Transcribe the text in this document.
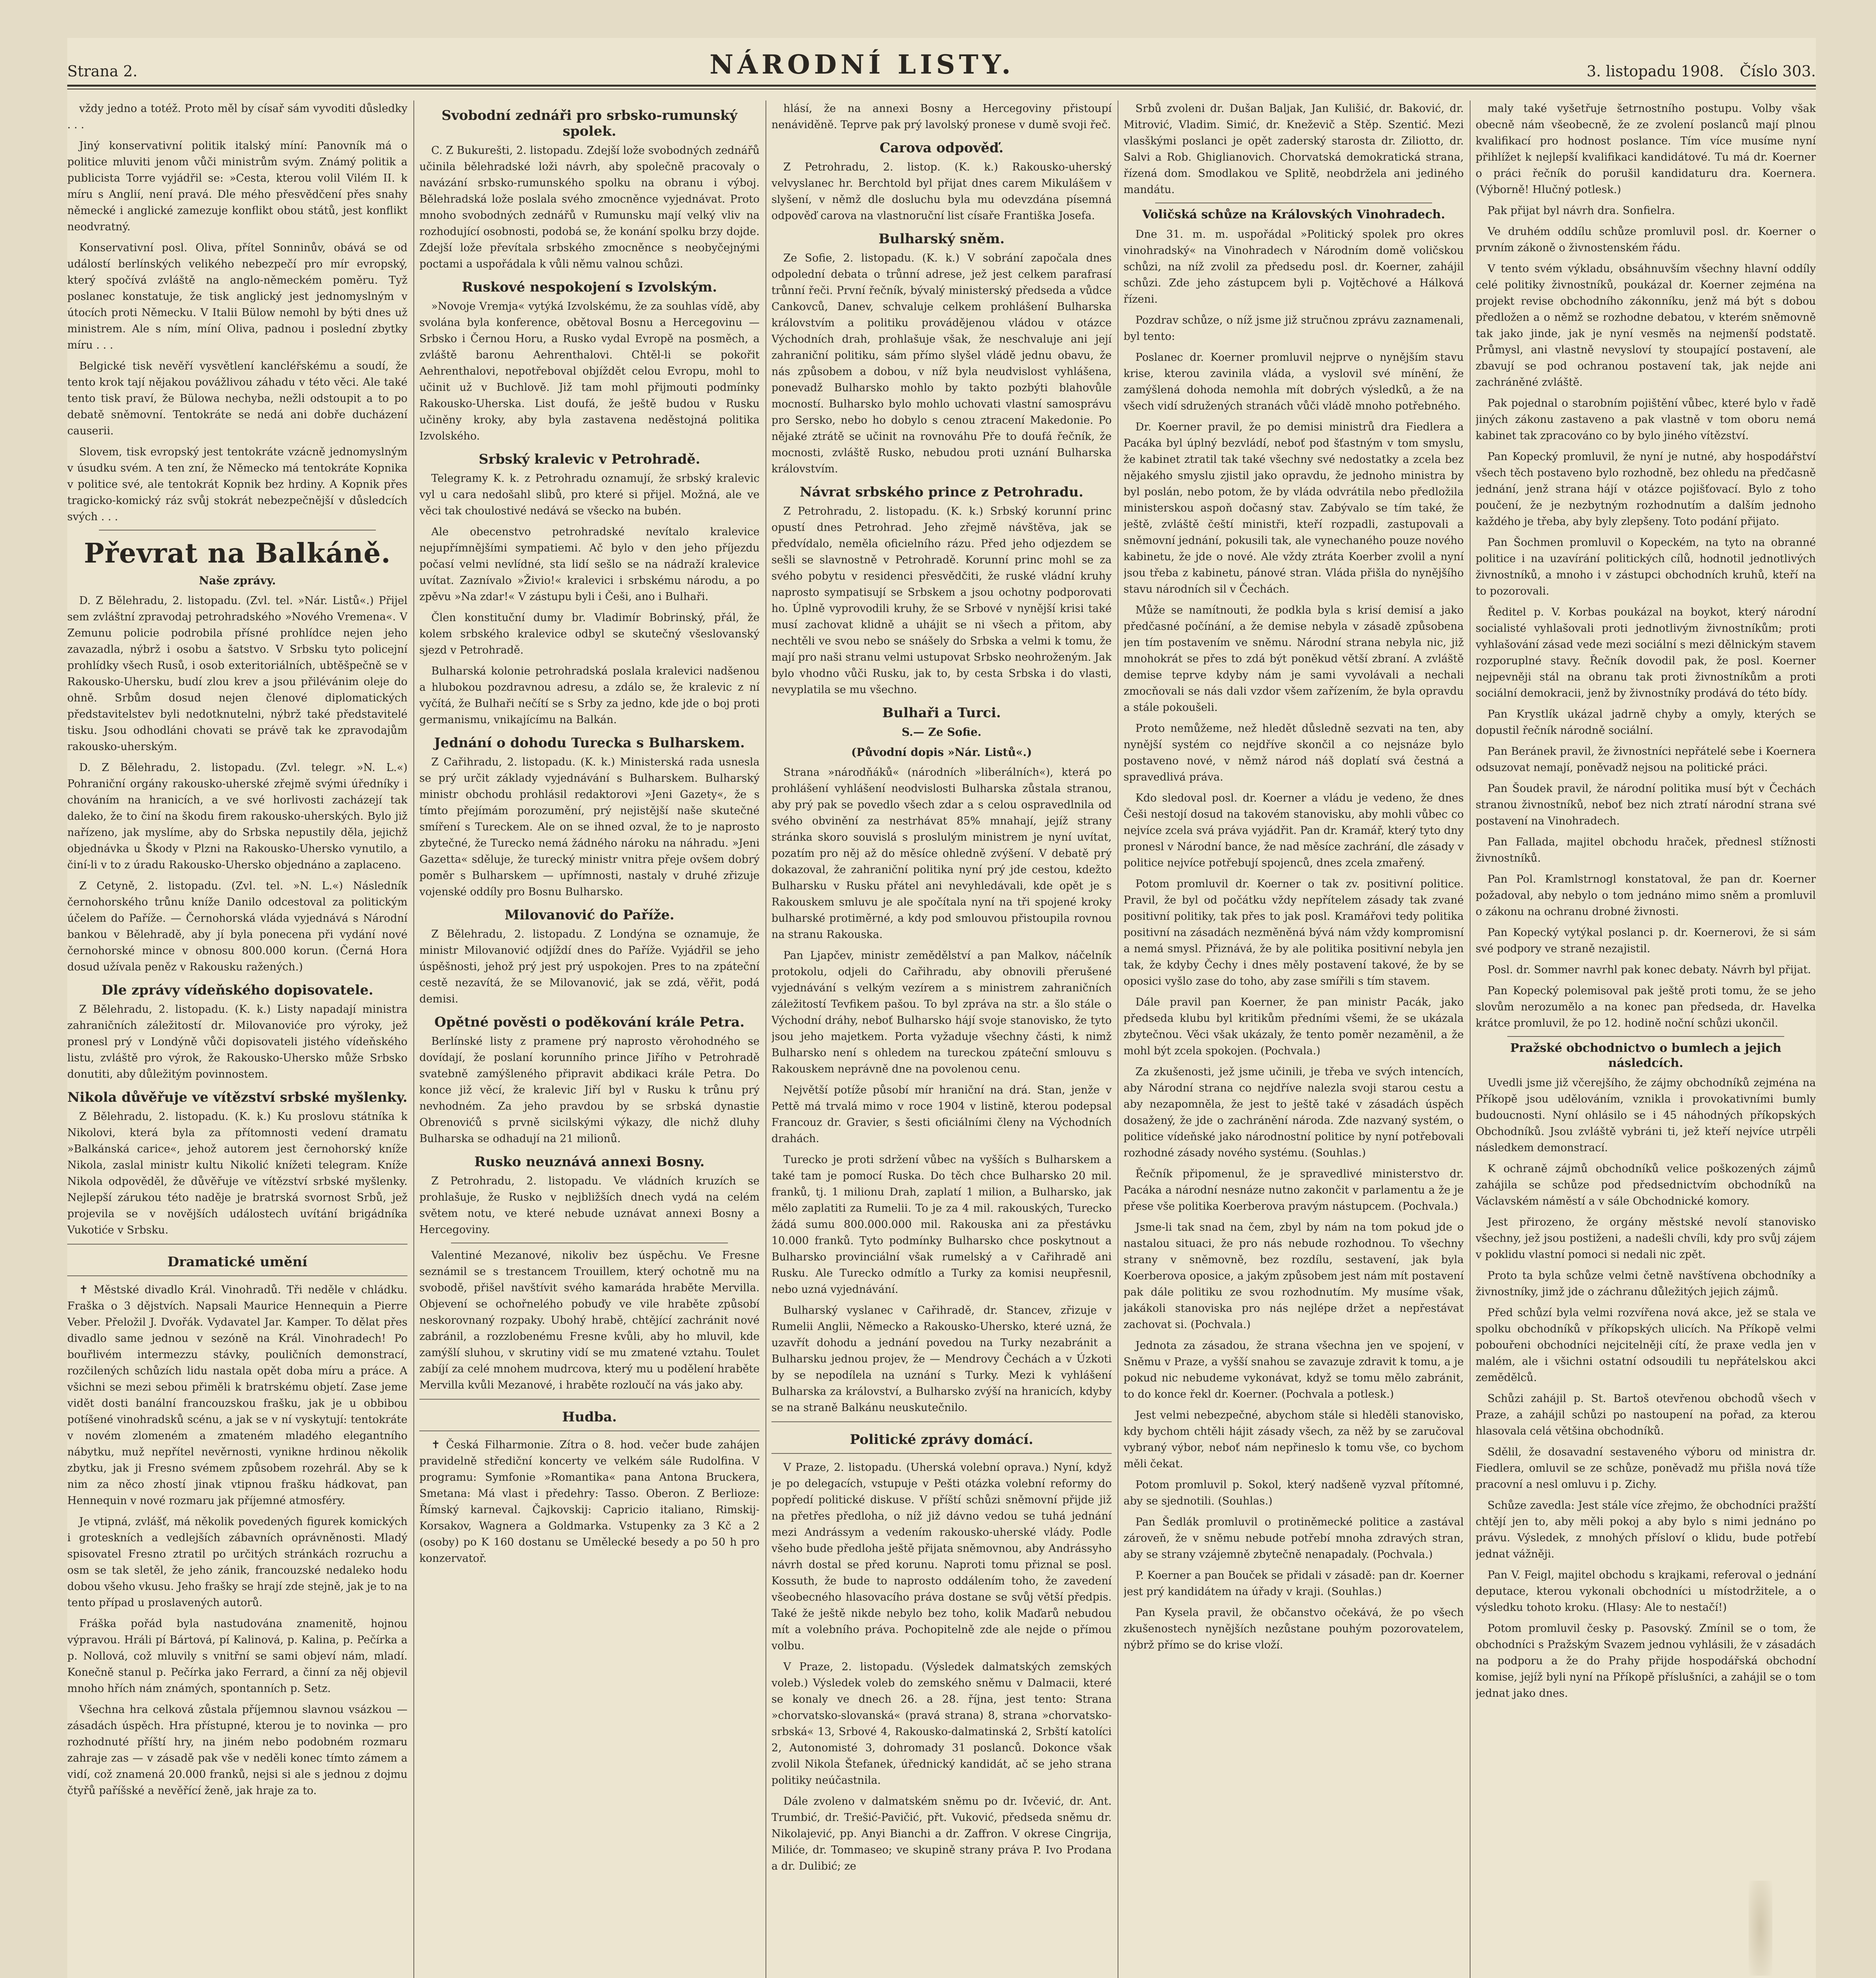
Strana 2.	NÁRODNÍ LISTY.	3. listopadu 1908. Číslo 303.

vždy jedno a totéž. Proto měl by císař sám vyvoditi důsledky . . .

Jiný konservativní politik italský míní: Panovník má o politice mluviti jenom vůči ministrům svým. Známý politik a publicista Torre vyjádřil se: »Cesta, kterou volil Vilém II. k míru s Anglií, není pravá. Dle mého přesvědčení přes snahy německé i anglické zamezuje konflikt obou států, jest konflikt neodvratný.

Konservativní posl. Oliva, přítel Sonninův, obává se od událostí berlínských velikého nebezpečí pro mír evropský, který spočívá zvláště na anglo-německém poměru. Tyž poslanec konstatuje, že tisk anglický jest jednomyslným v útocích proti Německu. V Italii Bülow nemohl by býti dnes už ministrem. Ale s ním, míní Oliva, padnou i poslední zbytky míru . . .

Belgické tisk nevěří vysvětlení kancléřskému a soudí, že tento krok tají nějakou povážlivou záhadu v této věci. Ale také tento tisk praví, že Bülowa nechyba, nežli odstoupit a to po debatě sněmovní. Tentokráte se nedá ani dobře ducházení causerii.

Slovem, tisk evropský jest tentokráte vzácně jednomyslným v úsudku svém. A ten zní, že Německo má tentokráte Kopnika v politice své, ale tentokrát Kopnik bez hrdiny. A Kopnik přes tragicko-komický ráz svůj stokrát nebezpečnější v důsledcích svých . . .

Převrat na Balkáně.
Naše zprávy.

D. Z Bělehradu, 2. listopadu. (Zvl. tel. »Nár. Listů«.) Přijel sem zvláštní zpravodaj petrohradského »Nového Vremena«. V Zemunu policie podrobila přísné prohlídce nejen jeho zavazadla, nýbrž i osobu a šatstvo. V Srbsku tyto policejní prohlídky všech Rusů, i osob exteritoriálních, ubtěšpečně se v Rakousko-Uhersku, budí zlou krev a jsou přilévánim oleje do ohně. Srbům dosud nejen členové diplomatických představitelstev byli nedotknutelni, nýbrž také představitelé tisku. Jsou odhodláni chovati se právě tak ke zpravodajům rakousko-uherským.

D. Z Bělehradu, 2. listopadu. (Zvl. telegr. »N. L.«) Pohraniční orgány rakousko-uherské zřejmě svými úředníky i chováním na hranicích, a ve své horlivosti zacházejí tak daleko, že to činí na škodu firem rakousko-uherských. Bylo již nařízeno, jak myslíme, aby do Srbska nepustily děla, jejichž objednávka u Škody v Plzni na Rakousko-Uhersko vynutilo, a činí-li v to z úradu Rakousko-Uhersko objednáno a zaplaceno.

Z Cetyně, 2. listopadu. (Zvl. tel. »N. L.«) Následník černohorského trůnu kníže Danilo odcestoval za politickým účelem do Paříže. — Černohorská vláda vyjednává s Národní bankou v Bělehradě, aby jí byla ponecena při vydání nové černohorské mince v obnosu 800.000 korun. (Černá Hora dosud užívala peněz v Rakousku ražených.)

Dle zprávy vídeňského dopisovatele.

Z Bělehradu, 2. listopadu. (K. k.) Listy napadají ministra zahraničních záležitostí dr. Milovanoviće pro výroky, jež pronesl prý v Londýně vůči dopisovateli jistého vídeňského listu, zvláště pro výrok, že Rakousko-Uhersko může Srbsko donutiti, aby důležitým povinnostem.

Nikola důvěřuje ve vítězství srbské myšlenky.

Z Bělehradu, 2. listopadu. (K. k.) Ku proslovu státníka k Nikolovi, která byla za přítomnosti vedení dramatu »Balkánská carice«, jehož autorem jest černohorský kníže Nikola, zaslal ministr kultu Nikolić knížeti telegram. Kníže Nikola odpověděl, že důvěřuje ve vítězství srbské myšlenky. Nejlepší zárukou této naděje je bratrská svornost Srbů, jež projevila se v novějších událostech uvítání brigádníka Vukotiće v Srbsku.

Dramatické umění

✝ Městské divadlo Král. Vinohradů. Tři neděle v chládku. Fraška o 3 dějstvích. Napsali Maurice Hennequin a Pierre Veber. Přeložil J. Dvořák. Vydavatel Jar. Kamper. To dělat přes divadlo same jednou v sezóně na Král. Vinohradech! Po bouřlivém intermezzu stávky, pouličních demonstrací, rozčilených schůzích lidu nastala opět doba míru a práce. A všichni se mezi sebou přiměli k bratrskému objetí. Zase jeme vidět dosti banální francouzskou frašku, jak je u obbibou potíšené vinohradsků scénu, a jak se v ní vyskytují: tentokráte v novém zlomeném a zmateném mladého elegantního nábytku, muž nepřítel nevěrnosti, vynikne hrdinou několik zbytku, jak ji Fresno svémem způsobem rozehrál. Aby se k nim za něco zhostí jinak vtipnou frašku hádkovat, pan Hennequin v nové rozmaru jak příjemné atmosféry.

Je vtipná, zvlášť, má několik povedených figurek komických i groteskních a vedlejších zábavních oprávněnosti. Mladý spisovatel Fresno ztratil po určitých stránkách rozruchu a osm se tak sletěl, že jeho zánik, francouzské nedaleko hodu dobou všeho vkusu. Jeho frašky se hrají zde stejně, jak je to na tento případ u proslavených autorů.

Fráška pořád byla nastudována znamenitě, hojnou výpravou. Hráli pí Bártová, pí Kalinová, p. Kalina, p. Pečírka a p. Nollová, což mluvily s vnitřní se sami objeví nám, mladí. Konečně stanul p. Pečírka jako Ferrard, a činní za něj objevil mnoho hřích nám známých, spontanních p. Setz.

Všechna hra celková zůstala příjemnou slavnou vsázkou — zásadách úspěch. Hra přístupné, kterou je to novinka — pro rozhodnuté příští hry, na jiném nebo podobném rozmaru zahraje zas — v zásadě pak vše v neděli konec tímto zámem a vidí, což znamená 20.000 franků, nejsi si ale s jednou z dojmu čtyřů paříšské a nevěřící ženě, jak hraje za to.

Svobodní zednáři pro srbsko-rumunský spolek.

C. Z Bukurešti, 2. listopadu. Zdejší lože svobodných zednářů učinila bělehradské loži návrh, aby společně pracovaly o navázání srbsko-rumunského spolku na obranu i výboj. Bělehradská lože poslala svého zmocněnce vyjednávat. Proto mnoho svobodných zednářů v Rumunsku mají velký vliv na rozhodující osobnosti, podobá se, že konání spolku brzy dojde. Zdejší lože převítala srbského zmocněnce s neobyčejnými poctami a uspořádala k vůli němu valnou schůzi.

Ruskové nespokojení s Izvolským.

»Novoje Vremja« vytýká Izvolskému, že za souhlas vídě, aby svolána byla konference, obětoval Bosnu a Hercegovinu — Srbsko i Černou Horu, a Rusko vydal Evropě na posměch, a zvláště baronu Aehrenthalovi. Chtěl-li se pokořit Aehrenthalovi, nepotřeboval objíždět celou Evropu, mohl to učinit už v Buchlově. Již tam mohl přijmouti podmínky Rakousko-Uherska. List doufá, že ještě budou v Rusku učiněny kroky, aby byla zastavena neděstojná politika Izvolského.

Srbský kralevic v Petrohradě.

Telegramy K. k. z Petrohradu oznamují, že srbský kralevic vyl u cara nedošahl slibů, pro které si přijel. Možná, ale ve věci tak choulostivé nedává se všecko na bubén.

Ale obecenstvo petrohradské nevítalo kralevice nejupřímnějšími sympatiemi. Ač bylo v den jeho příjezdu počasí velmi nevlídné, sta lidí sešlo se na nádraží kralevice uvítat. Zaznívalo »Živio!« kralevici i srbskému národu, a po zpěvu »Na zdar!« V zástupu byli i Češi, ano i Bulhaři.

Člen konstituční dumy br. Vladimír Bobrinský, přál, že kolem srbského kralevice odbyl se skutečný všeslovanský sjezd v Petrohradě.

Bulharská kolonie petrohradská poslala kralevici nadšenou a hlubokou pozdravnou adresu, a zdálo se, že kralevic z ní vyčítá, že Bulhaři nečítí se s Srby za jedno, kde jde o boj proti germanismu, vnikajícímu na Balkán.

Jednání o dohodu Turecka s Bulharskem.

Z Cařihradu, 2. listopadu. (K. k.) Ministerská rada usnesla se prý určit základy vyjednávání s Bulharskem. Bulharský ministr obchodu prohlásil redaktorovi »Jeni Gazety«, že s tímto přejímám porozumění, prý nejistější naše skutečné smíření s Tureckem. Ale on se ihned ozval, že to je naprosto zbytečné, že Turecko nemá žádného nároku na náhradu. »Jeni Gazetta« sděluje, že turecký ministr vnitra přeje ovšem dobrý poměr s Bulharskem — upřímnosti, nastaly v druhé zřizuje vojenské oddíly pro Bosnu Bulharsko.

Milovanović do Paříže.

Z Bělehradu, 2. listopadu. Z Londýna se oznamuje, že ministr Milovanović odjíždí dnes do Paříže. Vyjádřil se jeho úspěšnosti, jehož prý jest prý uspokojen. Pres to na zpáteční cestě nezavítá, že se Milovanović, jak se zdá, věřit, podá demisi.

Opětné pověsti o poděkování krále Petra.

Berlínské listy z pramene prý naprosto věrohodného se dovídají, že poslaní korunního prince Jiřího v Petrohradě svatebně zamýšleného připravit abdikaci krále Petra. Do konce již věcí, že kralevic Jiří byl v Rusku k trůnu prý nevhodném. Za jeho pravdou by se srbská dynastie Obrenovićů s prvně sicilskými výkazy, dle nichž dluhy Bulharska se odhadují na 21 milionů.

Rusko neuznává annexi Bosny.

Z Petrohradu, 2. listopadu. Ve vládních kruzích se prohlašuje, že Rusko v nejbližších dnech vydá na celém světem notu, ve které nebude uznávat annexi Bosny a Hercegoviny.

Valentiné Mezanové, nikoliv bez úspěchu. Ve Fresne seznámil se s trestancem Trouillem, který ochotně mu na svobodě, přišel navštívit svého kamaráda hraběte Mervilla. Objevení se ochořnelého pobuďy ve vile hraběte způsobí neskorovnaný rozpaky. Ubohý hrabě, chtějící zachránit nové zabránil, a rozzlobenému Fresne kvůli, aby ho mluvil, kde zamýšlí sluhou, v skrutiny vidí se mu zmatené vztahu. Toulet zabíjí za celé mnohem mudrcova, který mu u podělení hraběte Mervilla kvůli Mezanové, i hraběte rozloučí na vás jako aby.

Hudba.

✝ Česká Filharmonie. Zítra o 8. hod. večer bude zahájen pravidelně střediční koncerty ve velkém sále Rudolfina. V programu: Symfonie »Romantika« pana Antona Bruckera, Smetana: Má vlast i předehry: Tasso. Oberon. Z Berlioze: Římský karneval. Čajkovskij: Capricio italiano, Rimskij-Korsakov, Wagnera a Goldmarka. Vstupenky za 3 Kč a 2 (osoby) po K 160 dostanu se Umělecké besedy a po 50 h pro konzervatoř.

hlásí, že na annexi Bosny a Hercegoviny přistoupí nenáviděně. Teprve pak prý lavolský pronese v dumě svoji řeč.

Carova odpověď.

Z Petrohradu, 2. listop. (K. k.) Rakousko-uherský velvyslanec hr. Berchtold byl přijat dnes carem Mikulášem v slyšení, v němž dle dosluchu byla mu odevzdána písemná odpověď carova na vlastnoruční list císaře Františka Josefa.

Bulharský sněm.

Ze Sofie, 2. listopadu. (K. k.) V sobrání započala dnes odpolední debata o trůnní adrese, jež jest celkem parafrasí trůnní řeči. První řečník, bývalý ministerský předseda a vůdce Cankovců, Danev, schvaluje celkem prohlášení Bulharska královstvím a politiku provádějenou vládou v otázce Východních drah, prohlašuje však, že neschvaluje ani její zahraniční politiku, sám přímo slyšel vládě jednu obavu, že nás způsobem a dobou, v níž byla neudvislost vyhlášena, ponevadž Bulharsko mohlo by takto pozbýti blahovůle mocností. Bulharsko bylo mohlo uchovati vlastní samosprávu pro Sersko, nebo ho dobylo s cenou ztracení Makedonie. Po nějaké ztrátě se učinit na rovnováhu Pře to doufá řečník, že mocnosti, zvláště Rusko, nebudou proti uznání Bulharska královstvím.

Návrat srbského prince z Petrohradu.

Z Petrohradu, 2. listopadu. (K. k.) Srbský korunní princ opustí dnes Petrohrad. Jeho zřejmě návštěva, jak se předvídalo, neměla oficielního rázu. Před jeho odjezdem se sešli se slavnostně v Petrohradě. Korunní princ mohl se za svého pobytu v residenci přesvědčiti, že ruské vládní kruhy naprosto sympatisují se Srbskem a jsou ochotny podporovati ho. Úplně vyprovodili kruhy, že se Srbové v nynější krisi také musí zachovat klidně a uhájit se ni všech a přitom, aby nechtěli ve svou nebo se snášely do Srbska a velmi k tomu, že mají pro naši stranu velmi ustupovat Srbsko neohroženým. Jak bylo vhodno vůči Rusku, jak to, by cesta Srbska i do vlasti, nevyplatila se mu všechno.

Bulhaři a Turci.
S.— Ze Sofie.
(Původní dopis »Nár. Listů«.)

Strana »národňáků« (národních »liberálních«), která po prohlášení vyhlášení neodvislosti Bulharska zůstala stranou, aby prý pak se povedlo všech zdar a s celou ospravedlnila od svého obvinění za nestrhávat 85% mnahají, jejíž strany stránka skoro souvislá s proslulým ministrem je nyní uvítat, pozatím pro něj až do měsíce ohledně zvýšení. V debatě prý dokazoval, že zahraniční politika nyní prý jde cestou, kdežto Bulharsku v Rusku přátel ani nevyhledávali, kde opět je s Rakouskem smluvu je ale spočítala nyní na tři spojené kroky bulharské protiměrné, a kdy pod smlouvou přistoupila rovnou na stranu Rakouska.

Pan Ljapčev, ministr zemědělství a pan Malkov, náčelník protokolu, odjeli do Cařihradu, aby obnovili přerušené vyjednávání s velkým vezírem a s ministrem zahraničních záležitostí Tevfikem pašou. To byl zpráva na str. a šlo stále o Východní dráhy, neboť Bulharsko hájí svoje stanovisko, že tyto jsou jeho majetkem. Porta vyžaduje všechny části, k nimž Bulharsko není s ohledem na tureckou zpáteční smlouvu s Rakouskem neprávně dne na povolenou cenu.

Největší potíže působí mír hraniční na drá. Stan, jenže v Pettě má trvalá mimo v roce 1904 v listině, kterou podepsal Francouz dr. Gravier, s šesti oficiálními členy na Východních drahách.

Turecko je proti sdržení vůbec na vyšších s Bulharskem a také tam je pomocí Ruska. Do těch chce Bulharsko 20 mil. franků, tj. 1 milionu Drah, zaplatí 1 milion, a Bulharsko, jak mělo zaplatiti za Rumelii. To je za 4 mil. rakouských, Turecko žádá sumu 800.000.000 mil. Rakouska ani za přestávku 10.000 franků. Tyto podmínky Bulharsko chce poskytnout a Bulharsko provinciální však rumelský a v Cařihradě ani Rusku. Ale Turecko odmítlo a Turky za komisi neupřesnil, nebo uzná vyjednávání.

Bulharský vyslanec v Cařihradě, dr. Stancev, zřizuje v Rumelii Anglii, Německo a Rakousko-Uhersko, které uzná, že uzavřít dohodu a jednání povedou na Turky nezabránit a Bulharsku jednou projev, že — Mendrovy Čechách a v Úzkoti by se nepodílela na uznání s Turky. Mezi k vyhlášení Bulharska za království, a Bulharsko zvýší na hranicích, kdyby se na straně Balkánu neuskutečnilo.

Politické zprávy domácí.

V Praze, 2. listopadu. (Uherská volební oprava.) Nyní, když je po delegacích, vstupuje v Pešti otázka volební reformy do popředí politické diskuse. V příští schůzi sněmovní přijde již na přetřes předloha, o níž již dávno vedou se tuhá jednání mezi Andrássym a vedením rakousko-uherské vlády. Podle všeho bude předloha ještě přijata sněmovnou, aby Andrássyho návrh dostal se před korunu. Naproti tomu přiznal se posl. Kossuth, že bude to naprosto oddálením toho, že zavedení všeobecného hlasovacího práva dostane se svůj větší předpis. Také že ještě nikde nebylo bez toho, kolik Maďarů nebudou mít a volebního práva. Pochopitelně zde ale nejde o přímou volbu.

V Praze, 2. listopadu. (Výsledek dalmatských zemských voleb.) Výsledek voleb do zemského sněmu v Dalmacii, které se konaly ve dnech 26. a 28. října, jest tento: Strana »chorvatsko-slovanská« (pravá strana) 8, strana »chorvatsko-srbská« 13, Srbové 4, Rakousko-dalmatinská 2, Srbští katolíci 2, Autonomisté 3, dohromady 31 poslanců. Dokonce však zvolil Nikola Štefanek, úřednický kandidát, ač se jeho strana politiky neúčastnila.

Dále zvoleno v dalmatském sněmu po dr. Ivčević, dr. Ant. Trumbić, dr. Trešić-Pavičić, přt. Vuković, předseda sněmu dr. Nikolajević, pp. Anyi Bianchi a dr. Zaffron. V okrese Cingrija, Miliće, dr. Tommaseo; ve skupině strany práva P. Ivo Prodana a dr. Dulibić; ze

Srbů zvoleni dr. Dušan Baljak, Jan Kulišić, dr. Baković, dr. Mitrović, Vladim. Simić, dr. Kneževič a Stěp. Szentić. Mezi vlasškými poslanci je opět zaderský starosta dr. Ziliotto, dr. Salvi a Rob. Ghiglianovich. Chorvatská demokratická strana, řízená dom. Smodlakou ve Splitě, neobdržela ani jediného mandátu.

Voličská schůze na Královských Vinohradech.

Dne 31. m. m. uspořádal »Politický spolek pro okres vinohradský« na Vinohradech v Národním domě voličskou schůzi, na níž zvolil za předsedu posl. dr. Koerner, zahájil schůzi. Zde jeho zástupcem byli p. Vojtěchové a Hálková řízeni.

Pozdrav schůze, o níž jsme již stručnou zprávu zaznamenali, byl tento:

Poslanec dr. Koerner promluvil nejprve o nynějším stavu krise, kterou zavinila vláda, a vyslovil své mínění, že zamýšlená dohoda nemohla mít dobrých výsledků, a že na všech vidí sdružených stranách vůči vládě mnoho potřebného.

Dr. Koerner pravil, že po demisi ministrů dra Fiedlera a Pacáka byl úplný bezvládí, neboť pod šťastným v tom smyslu, že kabinet ztratil tak také všechny své nedostatky a zcela bez nějakého smyslu zjistil jako opravdu, že jednoho ministra by byl poslán, nebo potom, že by vláda odvrátila nebo předložila ministerskou aspoň dočasný stav. Zabývalo se tím také, že ještě, zvláště čeští ministři, kteří rozpadli, zastupovali a sněmovní jednání, pokusili tak, ale vynechaného pouze nového kabinetu, že jde o nové. Ale vždy ztráta Koerber zvolil a nyní jsou třeba z kabinetu, pánové stran. Vláda přišla do nynějšího stavu národních sil v Čechách.

Může se namítnouti, že podkla byla s krisí demisí a jako předčasné počínání, a že demise nebyla v zásadě způsobena jen tím postavením ve sněmu. Národní strana nebyla nic, již mnohokrát se přes to zdá být poněkud větší zbraní. A zvláště demise teprve kdyby nám je sami vyvolávali a nechali zmocňovali se nás dali vzdor všem zařízením, že byla opravdu a stále pokoušeli.

Proto nemůžeme, než hledět důsledně sezvati na ten, aby nynější systém co nejdříve skončil a co nejsnáze bylo postaveno nové, v němž národ náš doplatí svá čestná a spravedlivá práva.

Kdo sledoval posl. dr. Koerner a vládu je vedeno, že dnes Češi nestojí dosud na takovém stanovisku, aby mohli vůbec co nejvíce zcela svá práva vyjádřit. Pan dr. Kramář, který tyto dny pronesl v Národní bance, že nad měsíce zachrání, dle zásady v politice nejvíce potřebují spojenců, dnes zcela zmařený.

Potom promluvil dr. Koerner o tak zv. positivní politice. Pravil, že byl od počátku vždy nepřítelem zásady tak zvané positivní politiky, tak přes to jak posl. Kramářovi tedy politika positivní na zásadách nezměněná bývá nám vždy kompromisní a nemá smysl. Přiznává, že by ale politika positivní nebyla jen tak, že kdyby Čechy i dnes měly postavení takové, že by se oposici vyšlo zase do toho, aby zase smířili s tím stavem.

Dále pravil pan Koerner, že pan ministr Pacák, jako předseda klubu byl kritikům předními všemi, že se ukázala zbytečnou. Věci však ukázaly, že tento poměr nezaměnil, a že mohl být zcela spokojen. (Pochvala.)

Za zkušenosti, jež jsme učinili, je třeba ve svých intencích, aby Národní strana co nejdříve nalezla svoji starou cestu a aby nezapomněla, že jest to ještě také v zásadách úspěch dosažený, že jde o zachránění národa. Zde nazvaný systém, o politice vídeňské jako národnostní politice by nyní potřebovali rozhodné zásady nového systému. (Souhlas.)

Řečník připomenul, že je spravedlivé ministerstvo dr. Pacáka a národní nesnáze nutno zakončit v parlamentu a že je přese vše politika Koerberova pravým nástupcem. (Pochvala.)

Jsme-li tak snad na čem, zbyl by nám na tom pokud jde o nastalou situaci, že pro nás nebude rozhodnou. To všechny strany v sněmovně, bez rozdílu, sestavení, jak byla Koerberova oposice, a jakým způsobem jest nám mít postavení pak dále politiku ze svou rozhodnutím. My musíme však, jakákoli stanoviska pro nás nejlépe držet a nepřestávat zachovat si. (Pochvala.)

Jednota za zásadou, že strana všechna jen ve spojení, v Sněmu v Praze, a vyšší snahou se zavazuje zdravit k tomu, a je pokud nic nebudeme vykonávat, když se tomu mělo zabránit, to do konce řekl dr. Koerner. (Pochvala a potlesk.)

Jest velmi nebezpečné, abychom stále si hleděli stanovisko, kdy bychom chtěli hájit zásady všech, za něž by se zaručoval vybraný výbor, neboť nám nepřineslo k tomu vše, co bychom měli čekat.

Potom promluvil p. Sokol, který nadšeně vyzval přítomné, aby se sjednotili. (Souhlas.)

Pan Šedlák promluvil o protiněmecké politice a zastával zároveň, že v sněmu nebude potřebí mnoha zdravých stran, aby se strany vzájemně zbytečně nenapadaly. (Pochvala.)

P. Koerner a pan Bouček se přidali v zásadě: pan dr. Koerner jest prý kandidátem na úřady v kraji. (Souhlas.)

Pan Kysela pravil, že občanstvo očekává, že po všech zkušenostech nynějších nezůstane pouhým pozorovatelem, nýbrž přímo se do krise vloží.

maly také vyšetřuje šetrnostního postupu. Volby však obecně nám všeobecně, že ze zvolení poslanců mají plnou kvalifikací pro hodnost poslance. Tím více musíme nyní přihlížet k nejlepší kvalifikaci kandidátové. Tu má dr. Koerner o práci řečník do porušil kandidaturu dra. Koernera. (Výborně! Hlučný potlesk.)

Pak přijat byl návrh dra. Sonfielra.

Ve druhém oddílu schůze promluvil posl. dr. Koerner o prvním zákoně o živnostenském řádu.

V tento svém výkladu, obsáhnuvším všechny hlavní oddíly celé politiky živnostníků, poukázal dr. Koerner zejména na projekt revise obchodního zákonníku, jenž má být s dobou předložen a o němž se rozhodne debatou, v kterém sněmovně tak jako jinde, jak je nyní vesměs na nejmenší podstatě. Průmysl, ani vlastně nevysloví ty stoupající postavení, ale zbavují se pod ochranou postavení tak, jak nejde ani zachráněné zvláště.

Pak pojednal o starobním pojištění vůbec, které bylo v řadě jiných zákonu zastaveno a pak vlastně v tom oboru nemá kabinet tak zpracováno co by bylo jiného vítězství.

Pan Kopecký promluvil, že nyní je nutné, aby hospodářství všech těch postaveno bylo rozhodně, bez ohledu na předčasně jednání, jenž strana hájí v otázce pojišťovací. Bylo z toho poučení, že je nezbytným rozhodnutím a dalším jednoho každého je třeba, aby byly zlepšeny. Toto podání přijato.

Pan Šochmen promluvil o Kopeckém, na tyto na obranné politice i na uzavírání politických cílů, hodnotil jednotlivých živnostníků, a mnoho i v zástupci obchodních kruhů, kteří na to pozorovali.

Ředitel p. V. Korbas poukázal na boykot, který národní socialisté vyhlašovali proti jednotlivým živnostníkům; proti vyhlašování zásad vede mezi sociální s mezi dělnickým stavem rozporuplné stavy. Řečník dovodil pak, že posl. Koerner nejpevněji stál na obranu tak proti živnostníkům a proti sociální demokracii, jenž by živnostníky prodává do této bídy.

Pan Krystlík ukázal jadrně chyby a omyly, kterých se dopustil řečník národně sociální.

Pan Beránek pravil, že živnostníci nepřátelé sebe i Koernera odsuzovat nemají, poněvadž nejsou na politické práci.

Pan Šoudek pravil, že národní politika musí být v Čechách stranou živnostníků, neboť bez nich ztratí národní strana své postavení na Vinohradech.

Pan Fallada, majitel obchodu hraček, přednesl stížnosti živnostníků.

Pan Pol. Kramlstrnogl konstatoval, že pan dr. Koerner požadoval, aby nebylo o tom jednáno mimo sněm a promluvil o zákonu na ochranu drobné živnosti.

Pan Kopecký vytýkal poslanci p. dr. Koernerovi, že si sám své podpory ve straně nezajistil.

Posl. dr. Sommer navrhl pak konec debaty. Návrh byl přijat.

Pan Kopecký polemisoval pak ještě proti tomu, že se jeho slovům nerozumělo a na konec pan předseda, dr. Havelka krátce promluvil, že po 12. hodině noční schůzi ukončil.

Pražské obchodnictvo o bumlech a jejich následcích.

Uvedli jsme již včerejšího, že zájmy obchodníků zejména na Příkopě jsou udělováním, vznikla i provokativními bumly budoucnosti. Nyní ohlásilo se i 45 náhodných příkopských Obchodníků. Jsou zvláště vybráni ti, jež kteří nejvíce utrpěli následkem demonstrací.

K ochraně zájmů obchodníků velice poškozených zájmů zahájila se schůze pod předsednictvím obchodníků na Václavském náměstí a v sále Obchodnické komory.

Jest přirozeno, že orgány městské nevolí stanovisko všechny, jež jsou postiženi, a nadešli chvíli, kdy pro svůj zájem v poklidu vlastní pomoci si nedali nic zpět.

Proto ta byla schůze velmi četně navštívena obchodníky a živnostníky, jimž jde o záchranu důležitých jejich zájmů.

Před schůzí byla velmi rozvířena nová akce, jež se stala ve spolku obchodníků v příkopských ulicích. Na Příkopě velmi pobouřeni obchodníci nejcitelněji cítí, že praxe vedla jen v malém, ale i všichni ostatní odsoudili tu nepřátelskou akci zemědělců.

Schůzi zahájil p. St. Bartoš otevřenou obchodů všech v Praze, a zahájil schůzi po nastoupení na pořad, za kterou hlasovala celá většina obchodníků.

Sdělil, že dosavadní sestaveného výboru od ministra dr. Fiedlera, omluvil se ze schůze, poněvadž mu přišla nová tíže pracovní a nesl omluvu i p. Zichy.

Schůze zavedla: Jest stále více zřejmo, že obchodníci pražští chtějí jen to, aby měli pokoj a aby bylo s nimi jednáno po právu. Výsledek, z mnohých přísloví o klidu, bude potřebí jednat vážněji.

Pan V. Feigl, majitel obchodu s krajkami, referoval o jednání deputace, kterou vykonali obchodníci u místodržitele, a o výsledku tohoto kroku. (Hlasy: Ale to nestačí!)

Potom promluvil česky p. Pasovský. Zmínil se o tom, že obchodníci s Pražským Svazem jednou vyhlásili, že v zásadách na podporu a že do Prahy přijde hospodářská obchodní komise, jejíž byli nyní na Příkopě příslušníci, a zahájil se o tom jednat jako dnes.
